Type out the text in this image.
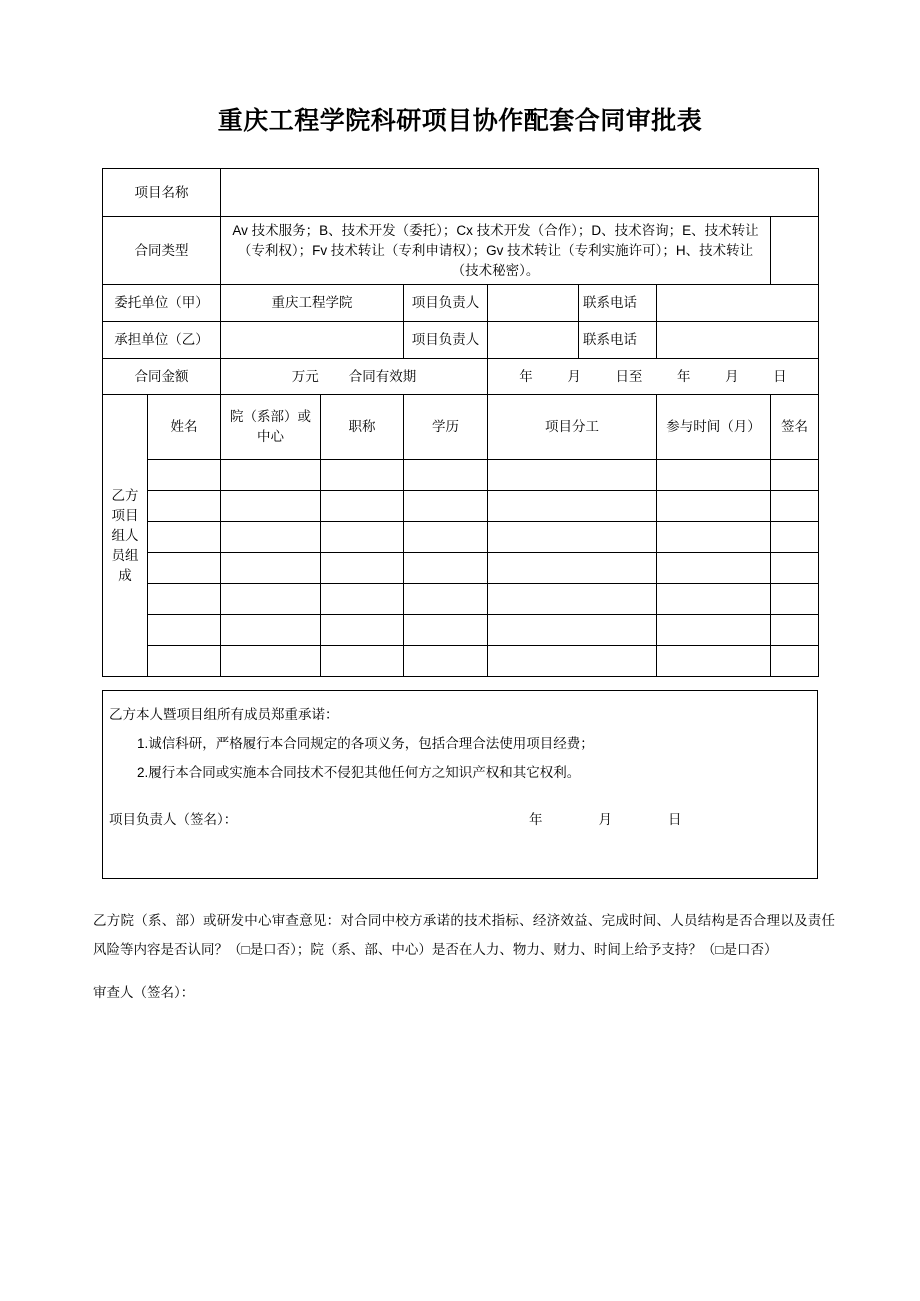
重庆工程学院科研项目协作配套合同审批表
项目名称								
合同类型		Av 技术服务；B、技术开发（委托）；Cx 技术开发（合作）；D、技术咨询；E、技术转让（专利权）；Fv 技术转让（专利申请权）；Gv 技术转让（专利实施许可）；H、技术转让（技术秘密）。						
委托单位（甲）		重庆工程学院		项目负责人		联系电话		
承担单位（乙）				项目负责人		联系电话		
合同金额	万元 合同有效期	年	月	日至	年	月	日

乙方
项目
组人
员组
成	姓名	院（系部）或中心	职称	学历	项目分工		参与时间（月）	签名

乙方本人暨项目组所有成员郑重承诺：
1.诚信科研，严格履行本合同规定的各项义务，包括合理合法使用项目经费；
2.履行本合同或实施本合同技术不侵犯其他任何方之知识产权和其它权利。
项目负责人（签名）：	年	月	日
乙方院（系、部）或研发中心审查意见：对合同中校方承诺的技术指标、经济效益、完成时间、人员结构是否合理以及责任风险等内容是否认同？（□是口否）；院（系、部、中心）是否在人力、物力、财力、时间上给予支持？（□是口否）
审查人（签名）：
